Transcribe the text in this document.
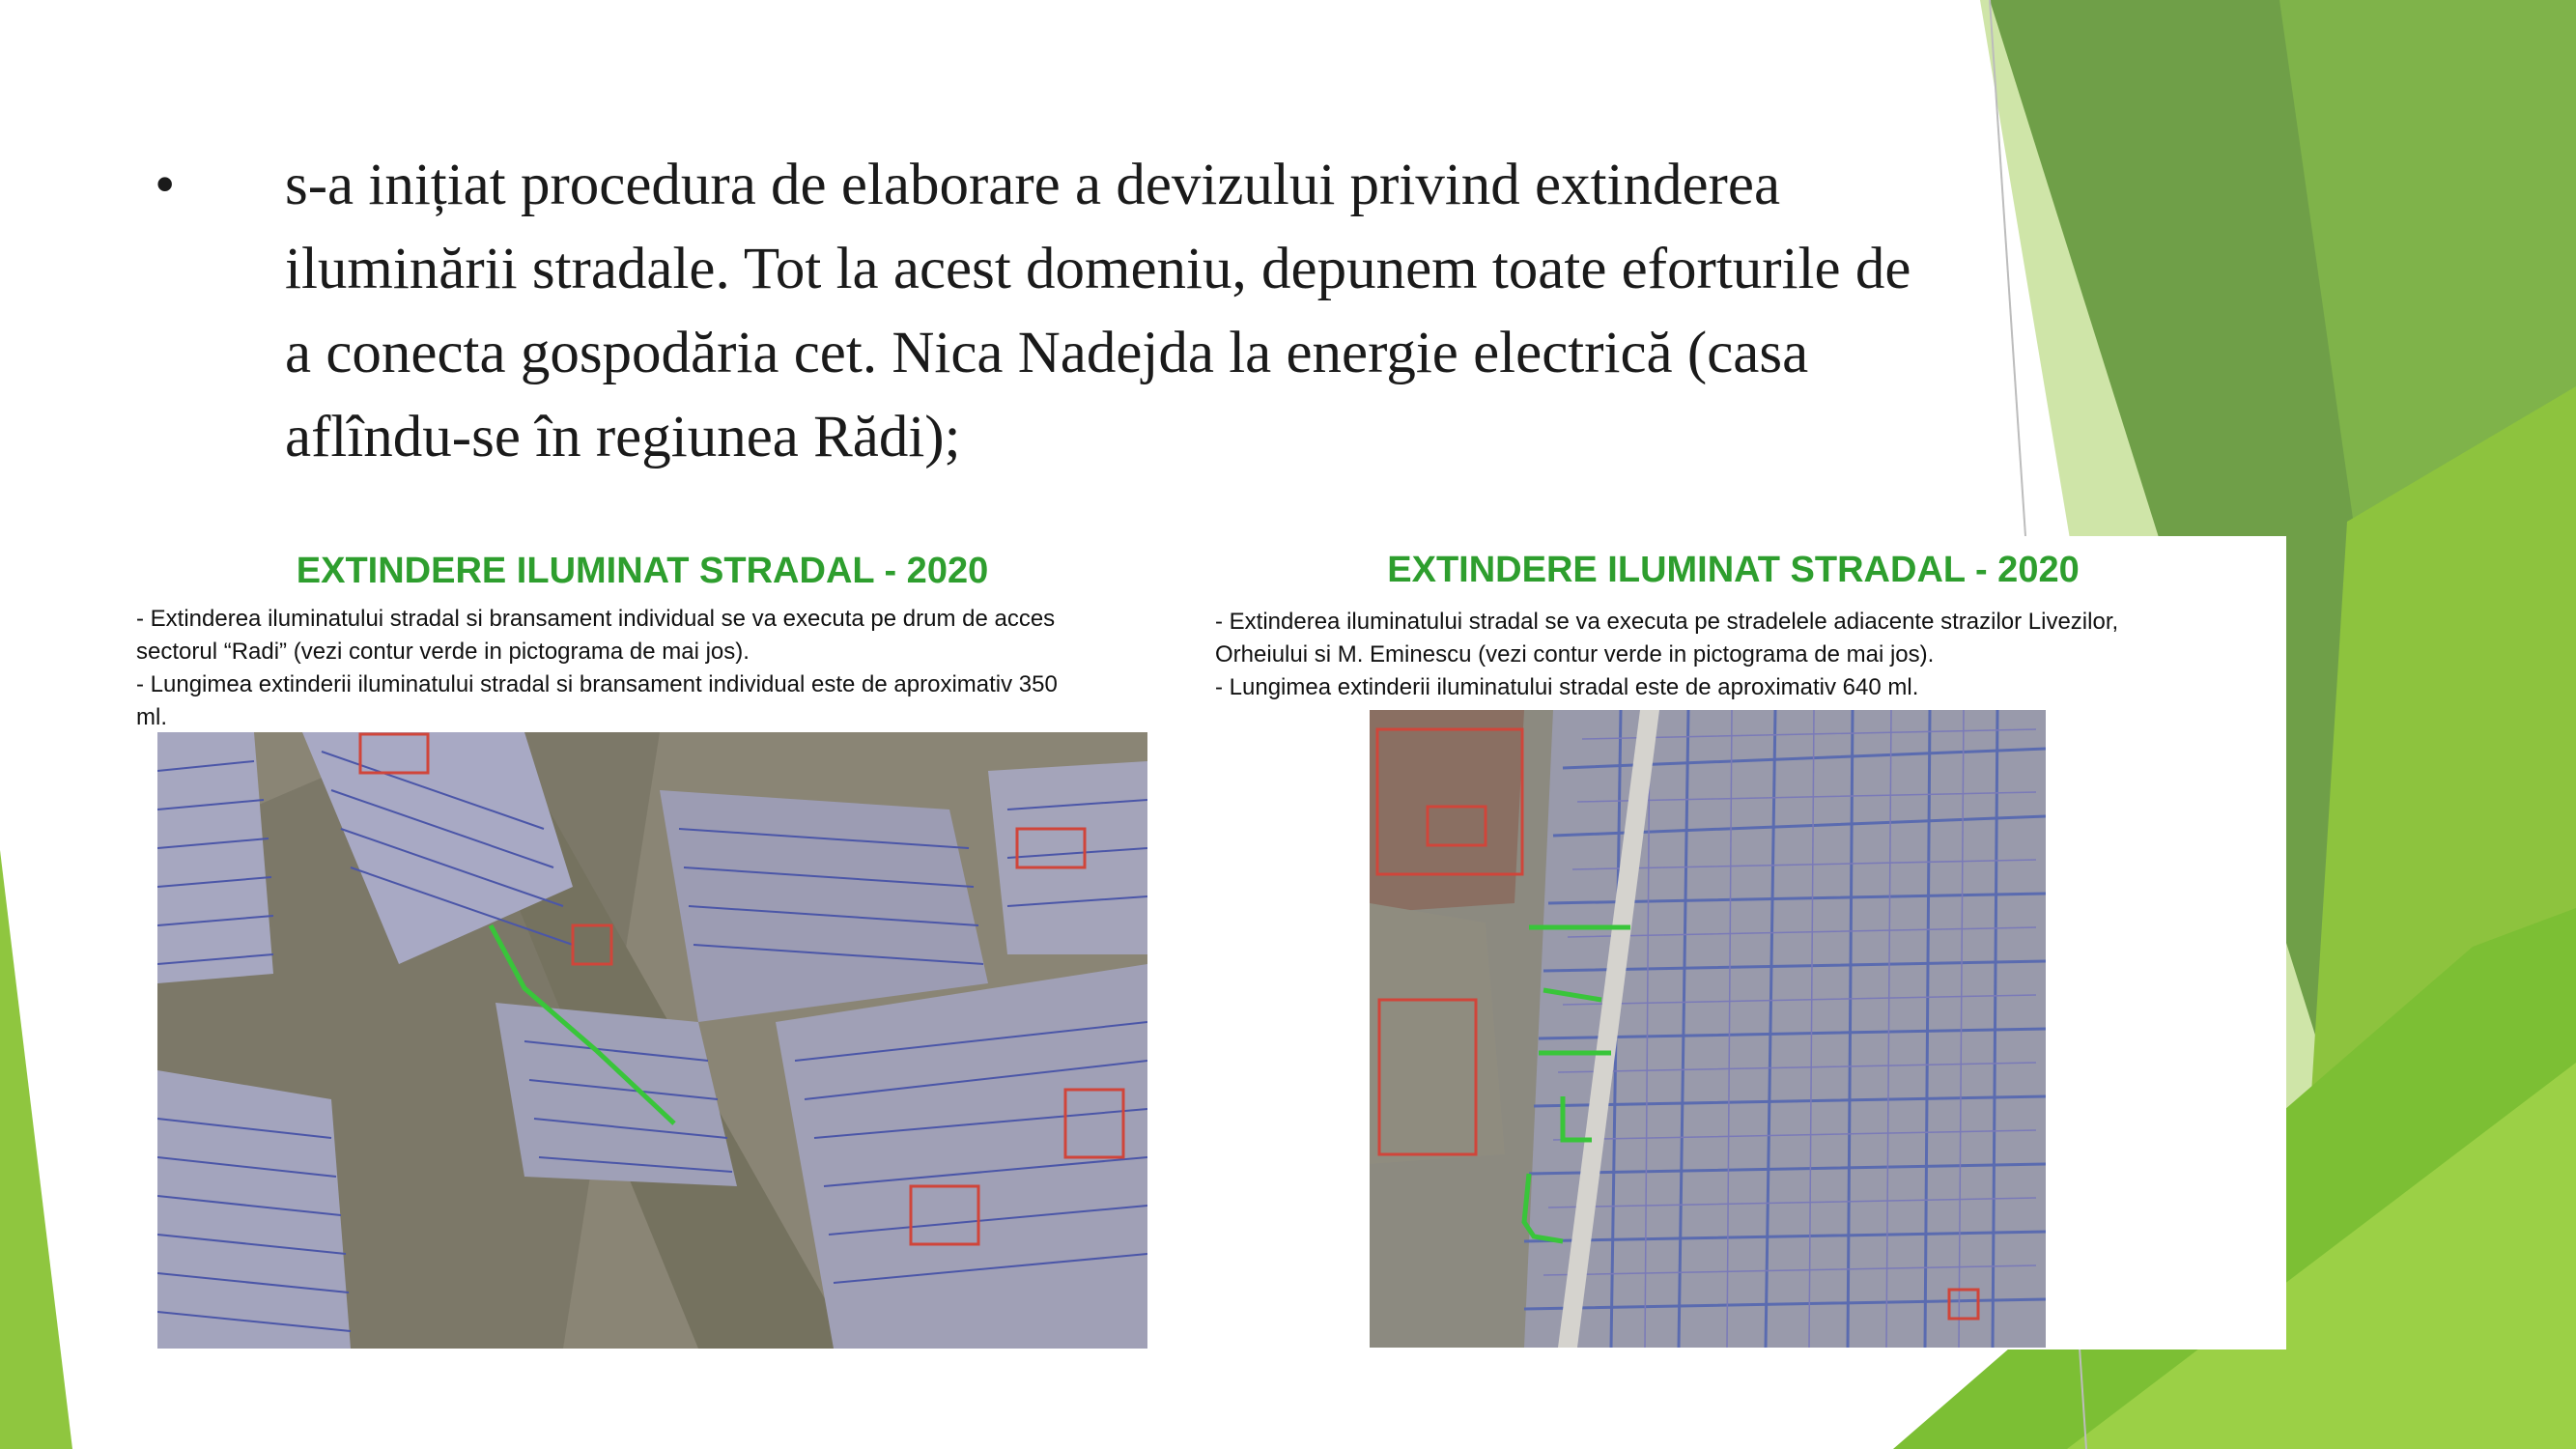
•	s-a inițiat procedura de elaborare a devizului privind extinderea
iluminării stradale. Tot la acest domeniu, depunem toate eforturile de
a conecta gospodăria cet. Nica Nadejda la energie electrică (casa
aflîndu-se în regiunea Rădi);
EXTINDERE ILUMINAT STRADAL - 2020

- Extinderea iluminatului stradal si bransament individual se va executa pe drum de acces

sectorul “Radi” (vezi contur verde in pictograma de mai jos).

- Lungimea extinderii iluminatului stradal si bransament individual este de aproximativ 350

ml.

EXTINDERE ILUMINAT STRADAL - 2020

- Extinderea iluminatului stradal se va executa pe stradelele adiacente strazilor Livezilor,

Orheiului si M. Eminescu (vezi contur verde in pictograma de mai jos).

- Lungimea extinderii iluminatului stradal este de aproximativ 640 ml.
